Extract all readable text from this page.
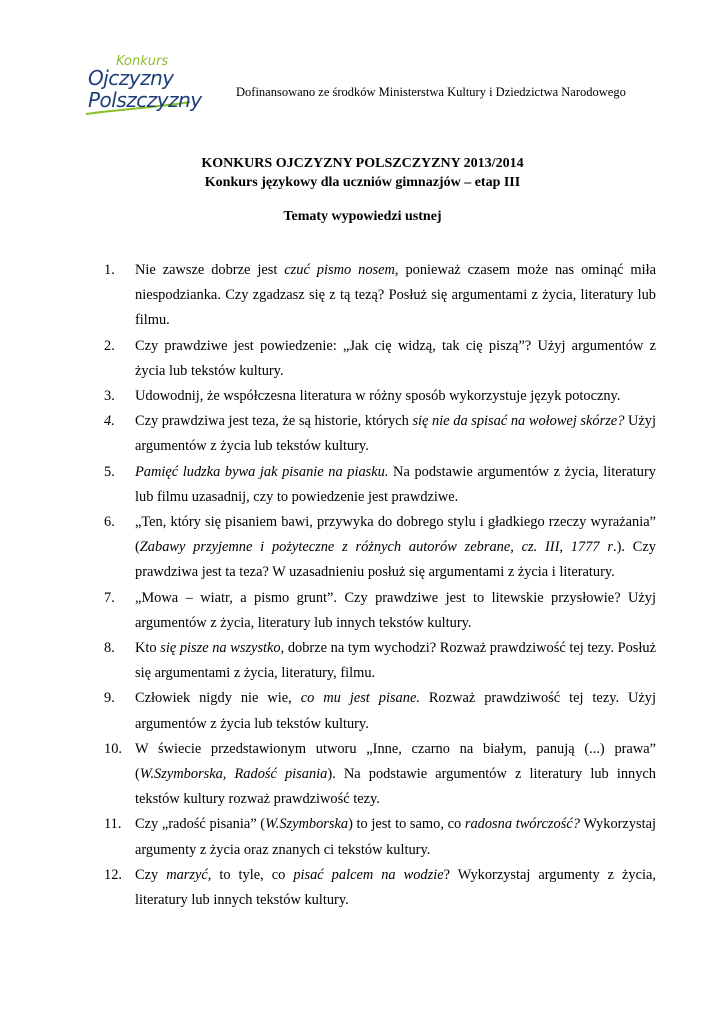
Konkurs
Ojczyzny
Polszczyzny	Dofinansowano ze środków Ministerstwa Kultury i Dziedzictwa Narodowego
KONKURS OJCZYZNY POLSZCZYZNY 2013/2014
Konkurs językowy dla uczniów gimnazjów – etap III
Tematy wypowiedzi ustnej
1.	Nie zawsze dobrze jest czuć pismo nosem, ponieważ czasem może nas ominąć miła niespodzianka. Czy zgadzasz się z tą tezą? Posłuż się argumentami z życia, literatury lub filmu.
2.	Czy prawdziwe jest powiedzenie: „Jak cię widzą, tak cię piszą”? Użyj argumentów z życia lub tekstów kultury.
3.	Udowodnij, że współczesna literatura w różny sposób wykorzystuje język potoczny.
4.	Czy prawdziwa jest teza, że są historie, których się nie da spisać na wołowej skórze? Użyj argumentów z życia lub tekstów kultury.
5.	Pamięć ludzka bywa jak pisanie na piasku. Na podstawie argumentów z życia, literatury lub filmu uzasadnij, czy to powiedzenie jest prawdziwe.
6.	„Ten, który się pisaniem bawi, przywyka do dobrego stylu i gładkiego rzeczy wyrażania” (Zabawy przyjemne i pożyteczne z różnych autorów zebrane, cz. III, 1777 r.). Czy prawdziwa jest ta teza? W uzasadnieniu posłuż się argumentami z życia i literatury.
7.	„Mowa – wiatr, a pismo grunt”. Czy prawdziwe jest to litewskie przysłowie? Użyj argumentów z życia, literatury lub innych tekstów kultury.
8.	Kto się pisze na wszystko, dobrze na tym wychodzi? Rozważ prawdziwość tej tezy. Posłuż się argumentami z życia, literatury, filmu.
9.	Człowiek nigdy nie wie, co mu jest pisane. Rozważ prawdziwość tej tezy. Użyj argumentów z życia lub tekstów kultury.
10. W świecie przedstawionym utworu „Inne, czarno na białym, panują (...) prawa” (W.Szymborska, Radość pisania). Na podstawie argumentów z literatury lub innych tekstów kultury rozważ prawdziwość tezy.
11. Czy „radość pisania” (W.Szymborska) to jest to samo, co radosna twórczość? Wykorzystaj argumenty z życia oraz znanych ci tekstów kultury.
12. Czy marzyć, to tyle, co pisać palcem na wodzie? Wykorzystaj argumenty z życia, literatury lub innych tekstów kultury.
